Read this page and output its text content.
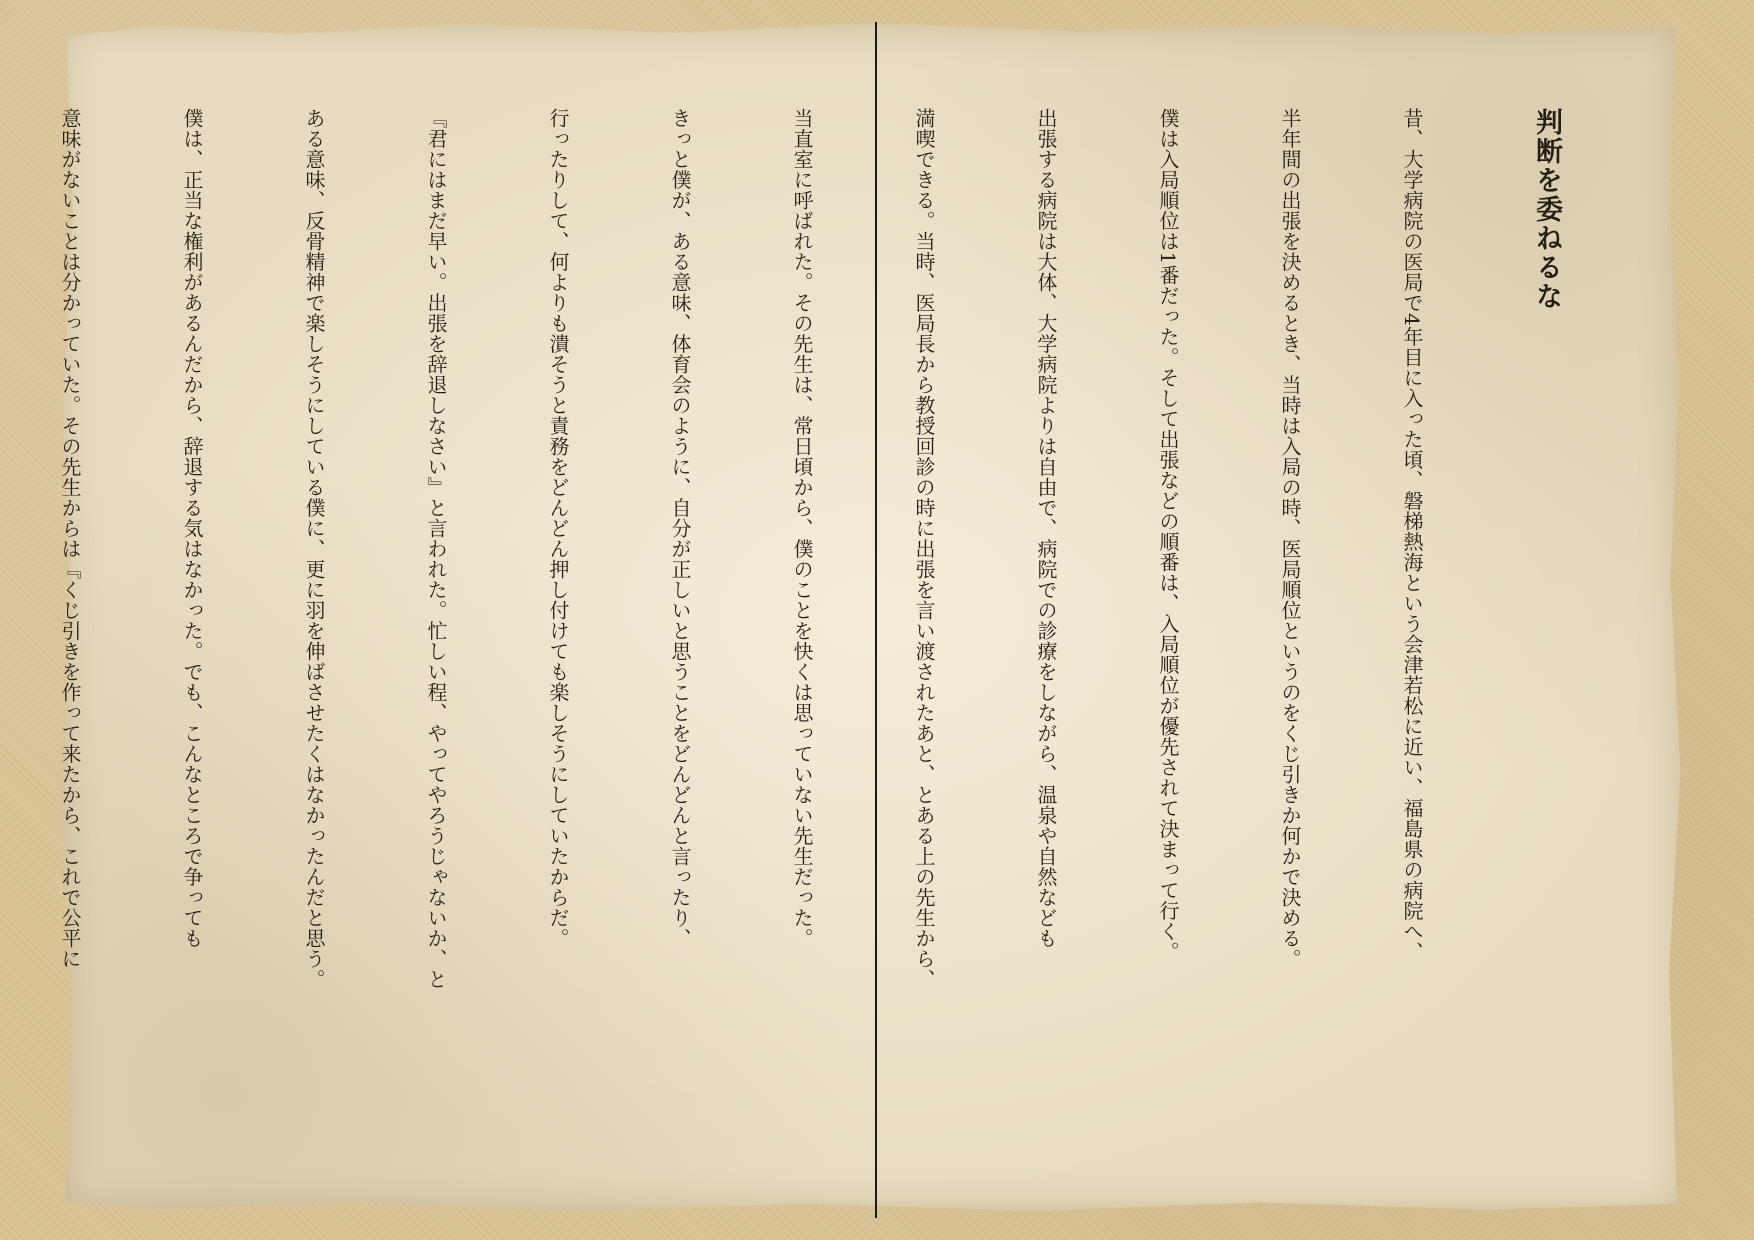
判断を委ねるな

昔、大学病院の医局で4年目に入った頃、磐梯熱海という会津若松に近い、福島県の病院へ、

半年間の出張を決めるとき、当時は入局の時、医局順位というのをくじ引きか何かで決める。

僕は入局順位は1番だった。そして出張などの順番は、入局順位が優先されて決まって行く。

出張する病院は大体、大学病院よりは自由で、病院での診療をしながら、温泉や自然なども

満喫できる。当時、医局長から教授回診の時に出張を言い渡されたあと、とある上の先生から、

当直室に呼ばれた。その先生は、常日頃から、僕のことを快くは思っていない先生だった。

きっと僕が、ある意味、体育会のように、自分が正しいと思うことをどんどんと言ったり、

行ったりして、何よりも潰そうと責務をどんどん押し付けても楽しそうにしていたからだ。

『君にはまだ早い。出張を辞退しなさい』と言われた。忙しい程、やってやろうじゃないか、と

ある意味、反骨精神で楽しそうにしている僕に、更に羽を伸ばさせたくはなかったんだと思う。

僕は、正当な権利があるんだから、辞退する気はなかった。でも、こんなところで争っても

意味がないことは分かっていた。その先生からは『くじ引きを作って来たから、これで公平に
